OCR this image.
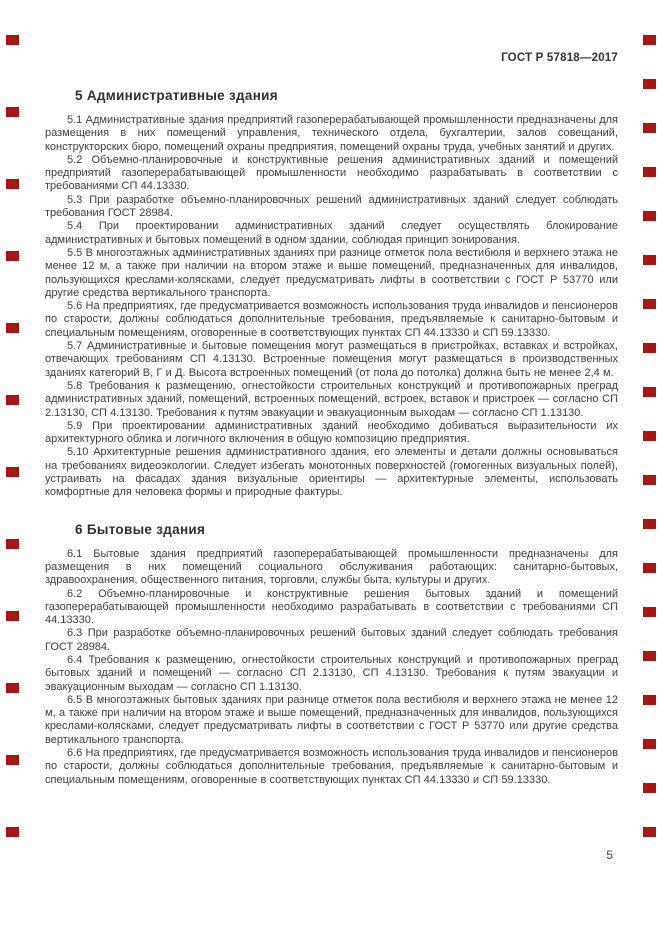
ГОСТ Р 57818—2017
5 Административные здания

5.1 Административные здания предприятий газоперерабатывающей промышленности предназначены для размещения в них помещений управления, технического отдела, бухгалтерии, залов совещаний, конструкторских бюро, помещений охраны предприятия, помещений охраны труда, учебных занятий и других.

5.2 Объемно-планировочные и конструктивные решения административных зданий и помещений предприятий газоперерабатывающей промышленности необходимо разрабатывать в соответствии с требованиями СП 44.13330.

5.3 При разработке объемно-планировочных решений административных зданий следует соблюдать требования ГОСТ 28984.

5.4 При проектировании административных зданий следует осуществлять блокирование административных и бытовых помещений в одном здании, соблюдая принцип зонирования.

5.5 В многоэтажных административных зданиях при разнице отметок пола вестибюля и верхнего этажа не менее 12 м, а также при наличии на втором этаже и выше помещений, предназначенных для инвалидов, пользующихся креслами-колясками, следует предусматривать лифты в соответствии с ГОСТ Р 53770 или другие средства вертикального транспорта.

5.6 На предприятиях, где предусматривается возможность использования труда инвалидов и пенсионеров по старости, должны соблюдаться дополнительные требования, предъявляемые к санитарно-бытовым и специальным помещениям, оговоренные в соответствующих пунктах СП 44.13330 и СП 59.13330.

5.7 Административные и бытовые помещения могут размещаться в пристройках, вставках и встройках, отвечающих требованиям СП 4.13130. Встроенные помещения могут размещаться в производственных зданиях категорий В, Г и Д. Высота встроенных помещений (от пола до потолка) должна быть не менее 2,4 м.

5.8 Требования к размещению, огнестойкости строительных конструкций и противопожарных преград административных зданий, помещений, встроенных помещений, встроек, вставок и пристроек — согласно СП 2.13130, СП 4.13130. Требования к путям эвакуации и эвакуационным выходам — согласно СП 1.13130.

5.9 При проектировании административных зданий необходимо добиваться выразительности их архитектурного облика и логичного включения в общую композицию предприятия.

5.10 Архитектурные решения административного здания, его элементы и детали должны основываться на требованиях видеоэкологии. Следует избегать монотонных поверхностей (гомогенных визуальных полей), устраивать на фасадах здания визуальные ориентиры — архитектурные элементы, использовать комфортные для человека формы и природные фактуры.

6 Бытовые здания

6.1 Бытовые здания предприятий газоперерабатывающей промышленности предназначены для размещения в них помещений социального обслуживания работающих: санитарно-бытовых, здравоохранения, общественного питания, торговли, службы быта, культуры и других.

6.2 Объемно-планировочные и конструктивные решения бытовых зданий и помещений газоперерабатывающей промышленности необходимо разрабатывать в соответствии с требованиями СП 44.13330.

6.3 При разработке объемно-планировочных решений бытовых зданий следует соблюдать требования ГОСТ 28984.

6.4 Требования к размещению, огнестойкости строительных конструкций и противопожарных преград бытовых зданий и помещений — согласно СП 2.13130, СП 4.13130. Требования к путям эвакуации и эвакуационным выходам — согласно СП 1.13130.

6.5 В многоэтажных бытовых зданиях при разнице отметок пола вестибюля и верхнего этажа не менее 12 м, а также при наличии на втором этаже и выше помещений, предназначенных для инвалидов, пользующихся креслами-колясками, следует предусматривать лифты в соответствии с ГОСТ Р 53770 или другие средства вертикального транспорта.

6.6 На предприятиях, где предусматривается возможность использования труда инвалидов и пенсионеров по старости, должны соблюдаться дополнительные требования, предъявляемые к санитарно-бытовым и специальным помещениям, оговоренные в соответствующих пунктах СП 44.13330 и СП 59.13330.

5
